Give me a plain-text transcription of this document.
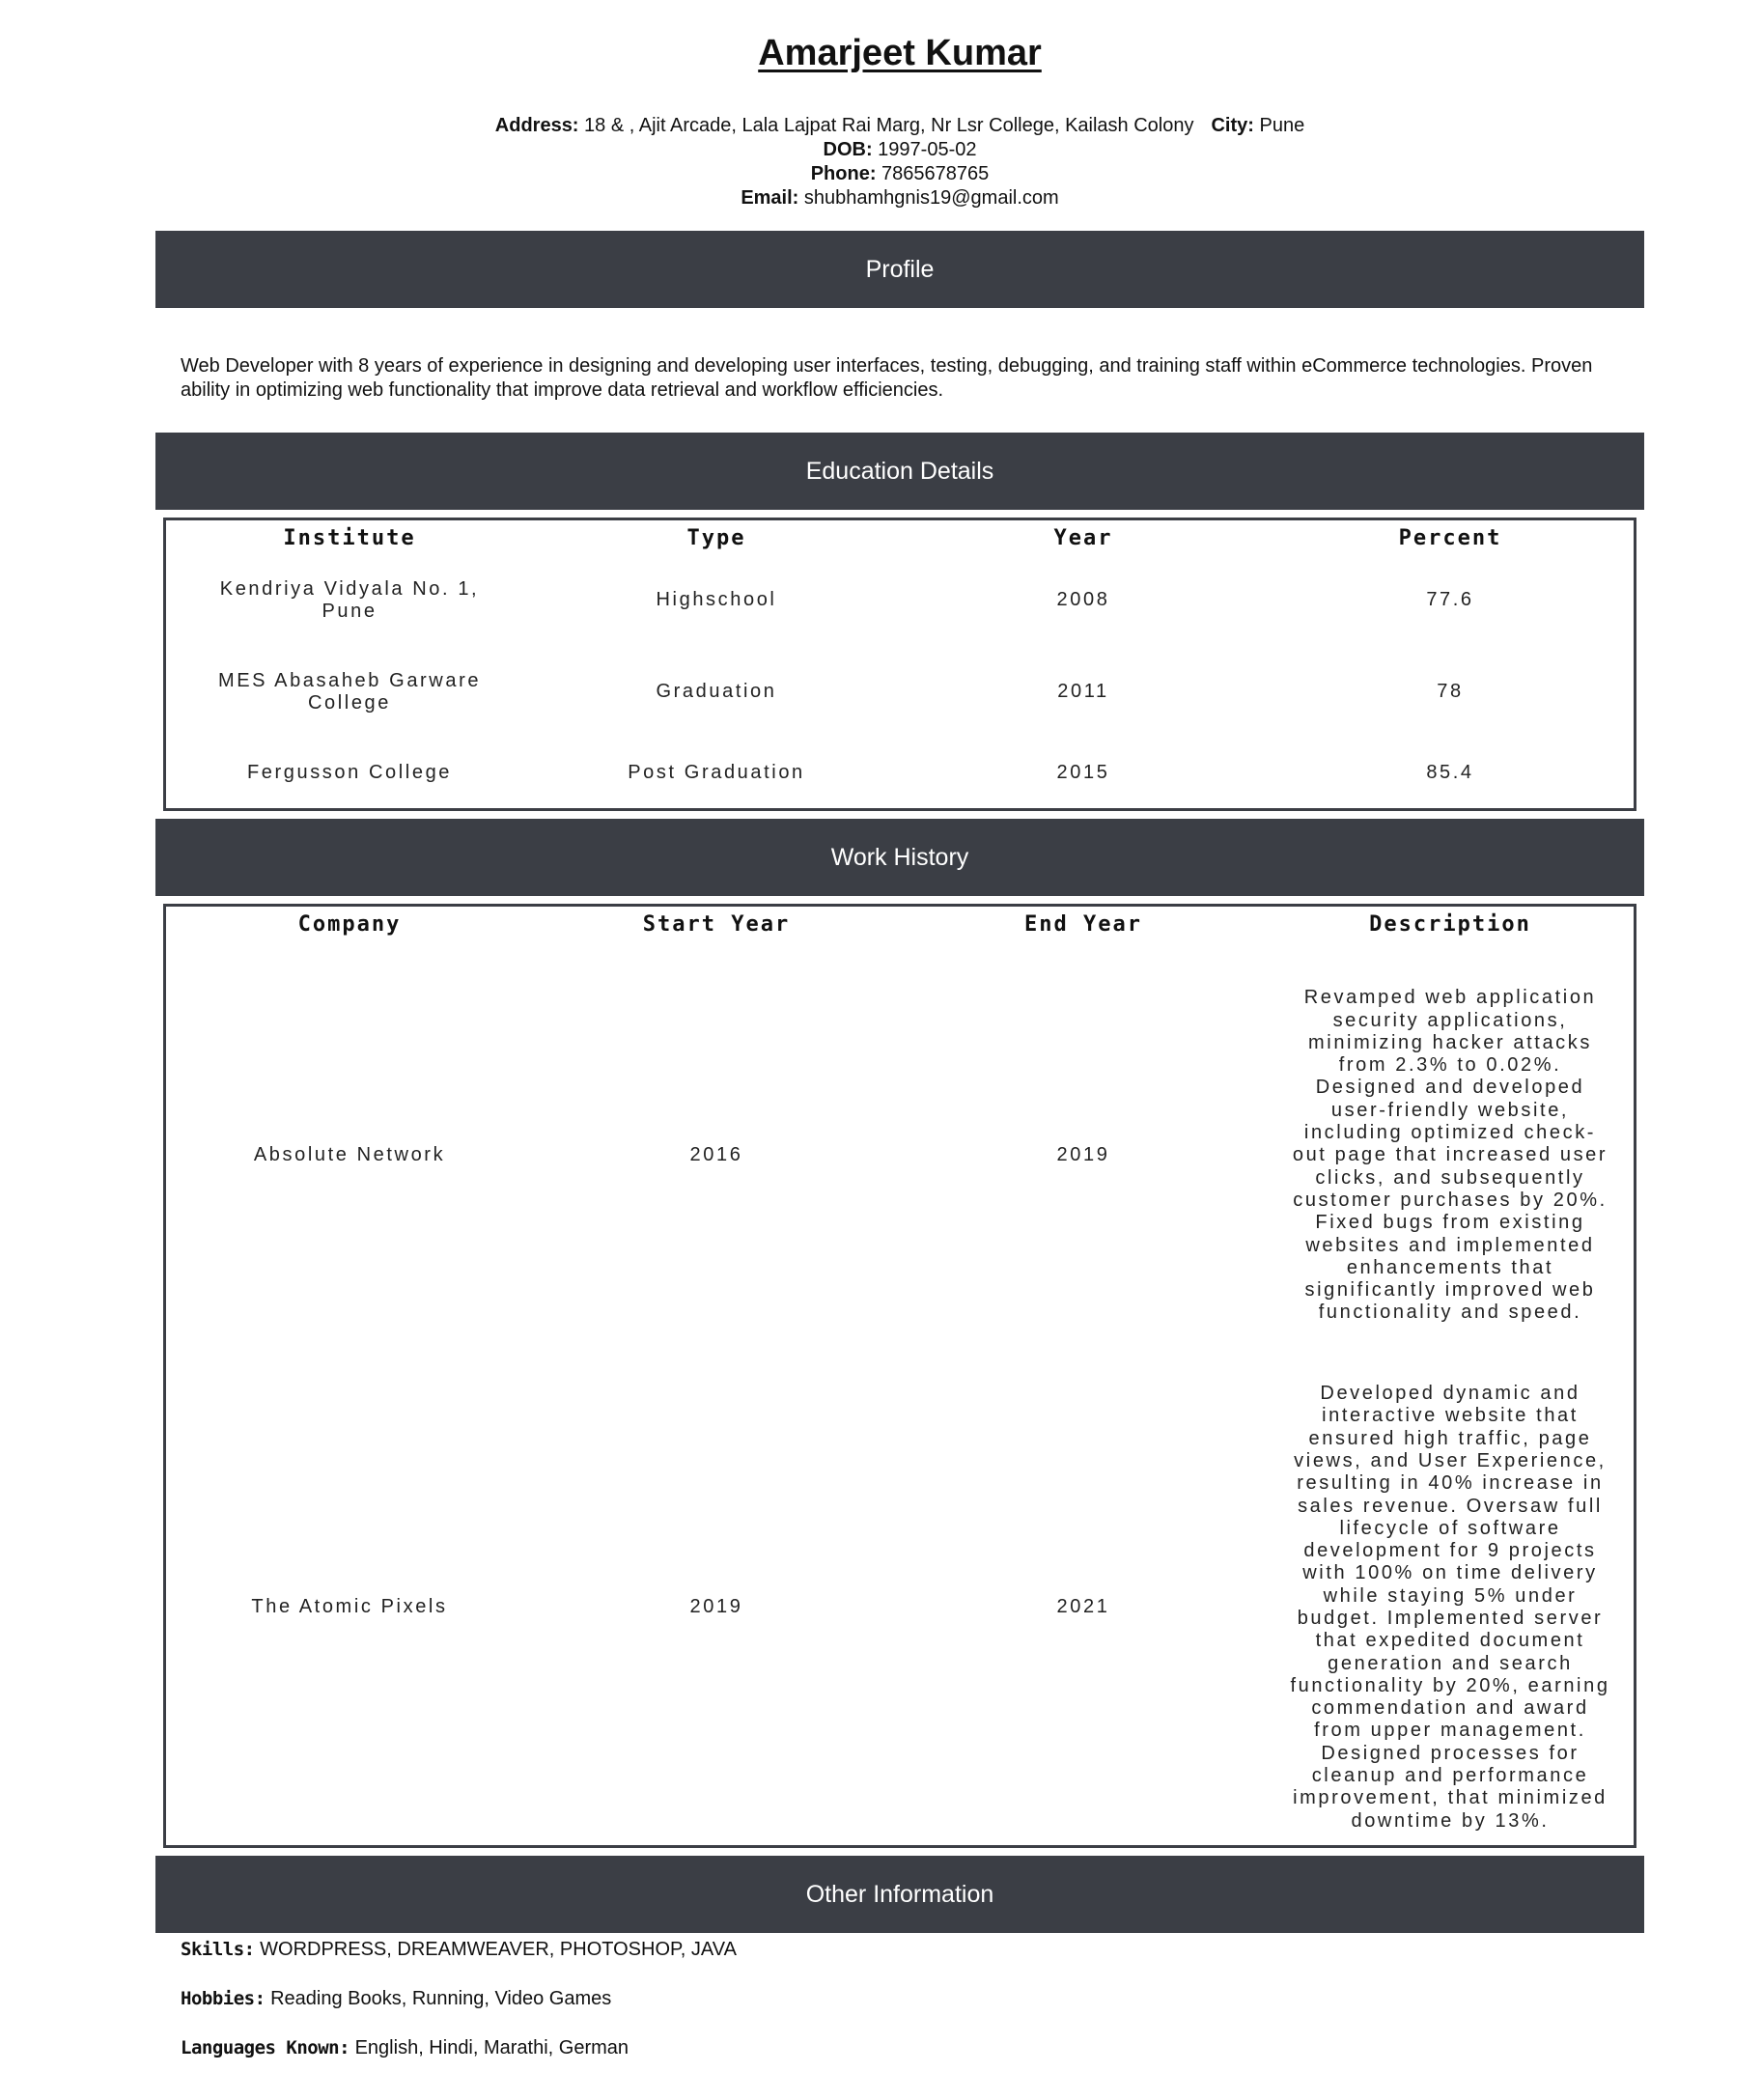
Amarjeet Kumar
Address: 18 & , Ajit Arcade, Lala Lajpat Rai Marg, Nr Lsr College, Kailash Colony City: Pune
DOB: 1997-05-02
Phone: 7865678765
Email: shubhamhgnis19@gmail.com
Profile

Web Developer with 8 years of experience in designing and developing user interfaces, testing, debugging, and training staff within eCommerce technologies. Proven ability in optimizing web functionality that improve data retrieval and workflow efficiencies.

Education Details
Institute	Type	Year	Percent
Kendriya Vidyala No. 1, Pune	Highschool	2008	77.6
MES Abasaheb Garware College	Graduation	2011	78
Fergusson College	Post Graduation	2015	85.4
Work History
Company	Start Year	End Year	Description
Absolute Network	2016	2019	Revamped web application security applications, minimizing hacker attacks from 2.3% to 0.02%. Designed and developed user-friendly website, including optimized check-out page that increased user clicks, and subsequently customer purchases by 20%. Fixed bugs from existing websites and implemented enhancements that significantly improved web functionality and speed.
The Atomic Pixels	2019	2021	Developed dynamic and interactive website that ensured high traffic, page views, and User Experience, resulting in 40% increase in sales revenue. Oversaw full lifecycle of software development for 9 projects with 100% on time delivery while staying 5% under budget. Implemented server that expedited document generation and search functionality by 20%, earning commendation and award from upper management. Designed processes for cleanup and performance improvement, that minimized downtime by 13%.
Other Information
Skills: WORDPRESS, DREAMWEAVER, PHOTOSHOP, JAVA
Hobbies: Reading Books, Running, Video Games
Languages Known: English, Hindi, Marathi, German
